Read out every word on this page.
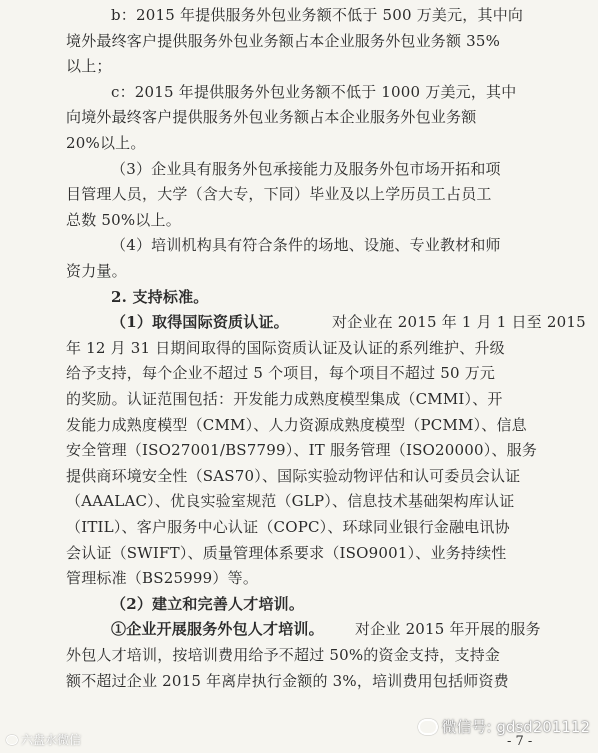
b：2015 年提供服务外包业务额不低于 500 万美元，其中向
境外最终客户提供服务外包业务额占本企业服务外包业务额 35%
以上；
c：2015 年提供服务外包业务额不低于 1000 万美元，其中
向境外最终客户提供服务外包业务额占本企业服务外包业务额
20%以上。
（3）企业具有服务外包承接能力及服务外包市场开拓和项
目管理人员，大学（含大专，下同）毕业及以上学历员工占员工
总数 50%以上。
（4）培训机构具有符合条件的场地、设施、专业教材和师
资力量。
2. 支持标准。
（1）取得国际资质认证。	对企业在 2015 年 1 月 1 日至 2015
年 12 月 31 日期间取得的国际资质认证及认证的系列维护、升级
给予支持，每个企业不超过 5 个项目，每个项目不超过 50 万元
的奖励。认证范围包括：开发能力成熟度模型集成（CMMI）、开
发能力成熟度模型（CMM）、人力资源成熟度模型（PCMM）、信息
安全管理（ISO27001/BS7799）、IT 服务管理（ISO20000）、服务
提供商环境安全性（SAS70）、国际实验动物评估和认可委员会认证
（AAALAC）、优良实验室规范（GLP）、信息技术基础架构库认证
（ITIL）、客户服务中心认证（COPC）、环球同业银行金融电讯协
会认证（SWIFT）、质量管理体系要求（ISO9001）、业务持续性
管理标准（BS25999）等。
（2）建立和完善人才培训。
①企业开展服务外包人才培训。 对企业 2015 年开展的服务
外包人才培训，按培训费用给予不超过 50%的资金支持，支持金
额不超过企业 2015 年离岸执行金额的 3%，培训费用包括师资费
- 7 -
微信号: gdsd201112
六盘水微信
